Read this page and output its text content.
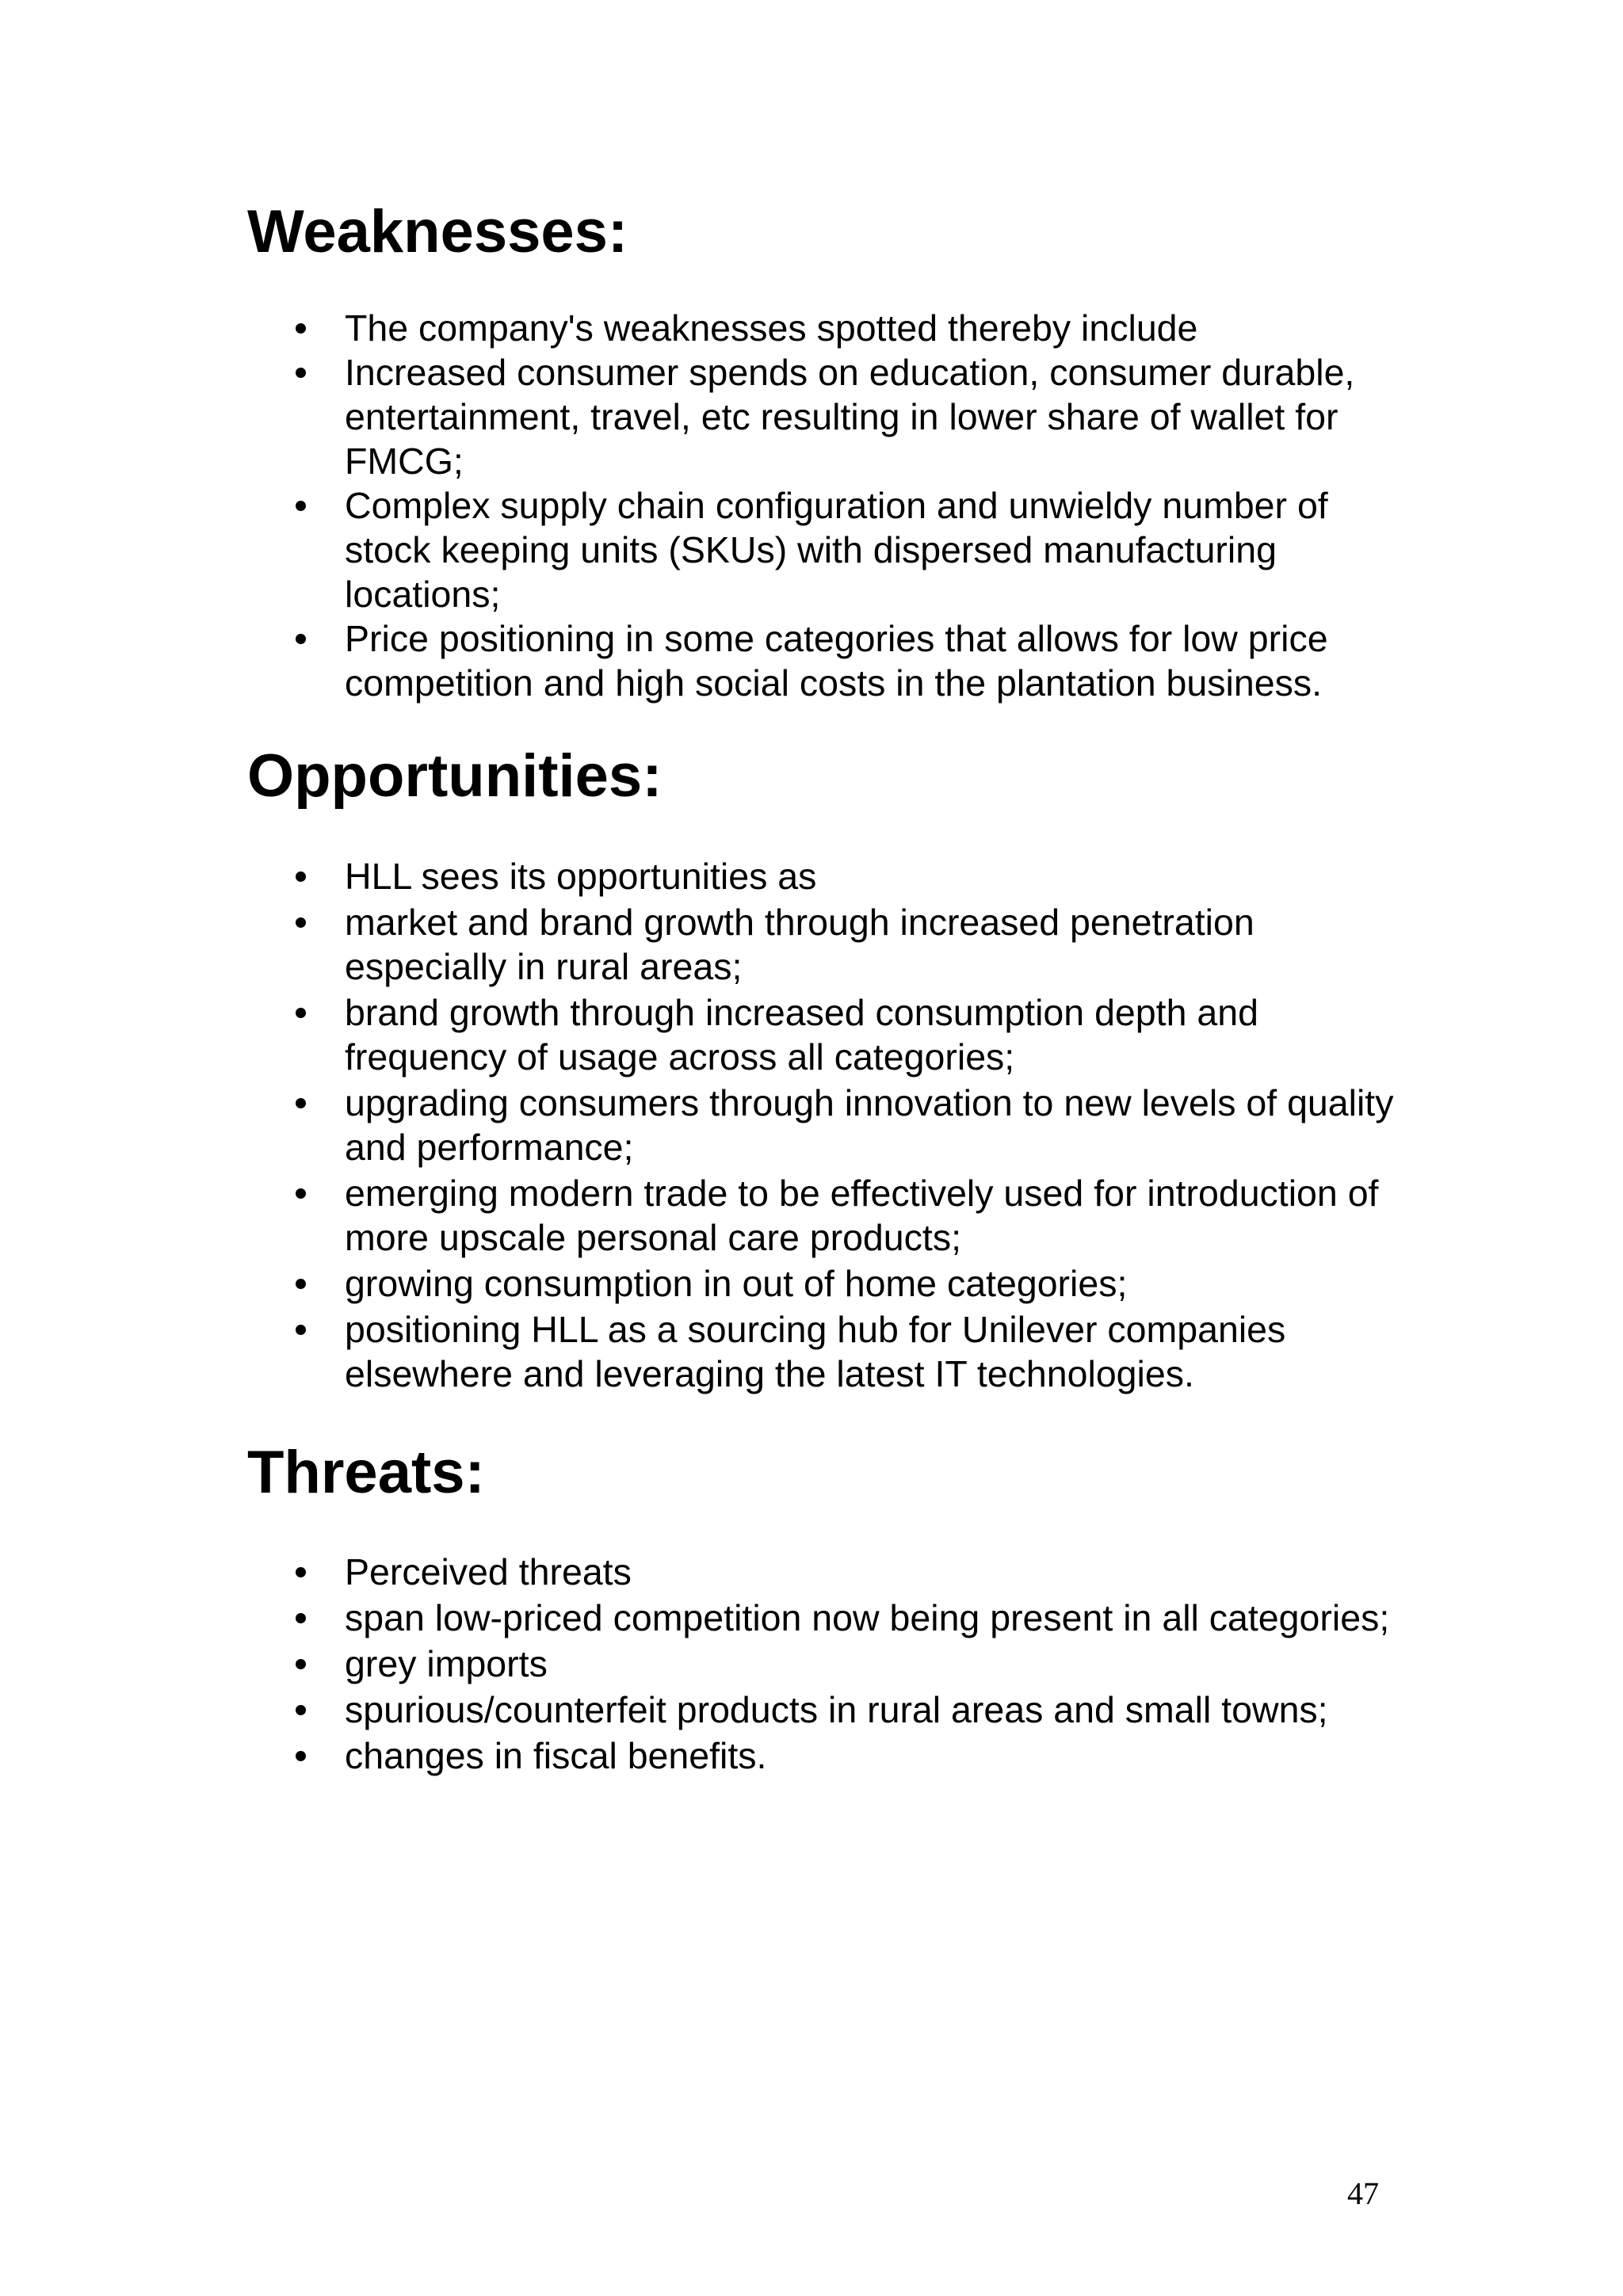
Weaknesses:
The company's weaknesses spotted thereby include
Increased consumer spends on education, consumer durable, entertainment, travel, etc resulting in lower share of wallet for FMCG;
Complex supply chain configuration and unwieldy number of stock keeping units (SKUs) with dispersed manufacturing locations;
Price positioning in some categories that allows for low price competition and high social costs in the plantation business.
Opportunities:
HLL sees its opportunities as
market and brand growth through increased penetration especially in rural areas;
brand growth through increased consumption depth and frequency of usage across all categories;
upgrading consumers through innovation to new levels of quality and performance;
emerging modern trade to be effectively used for introduction of more upscale personal care products;
growing consumption in out of home categories;
positioning HLL as a sourcing hub for Unilever companies elsewhere and leveraging the latest IT technologies.
Threats:
Perceived threats
span low-priced competition now being present in all categories;
grey imports
spurious/counterfeit products in rural areas and small towns;
changes in fiscal benefits.
47
